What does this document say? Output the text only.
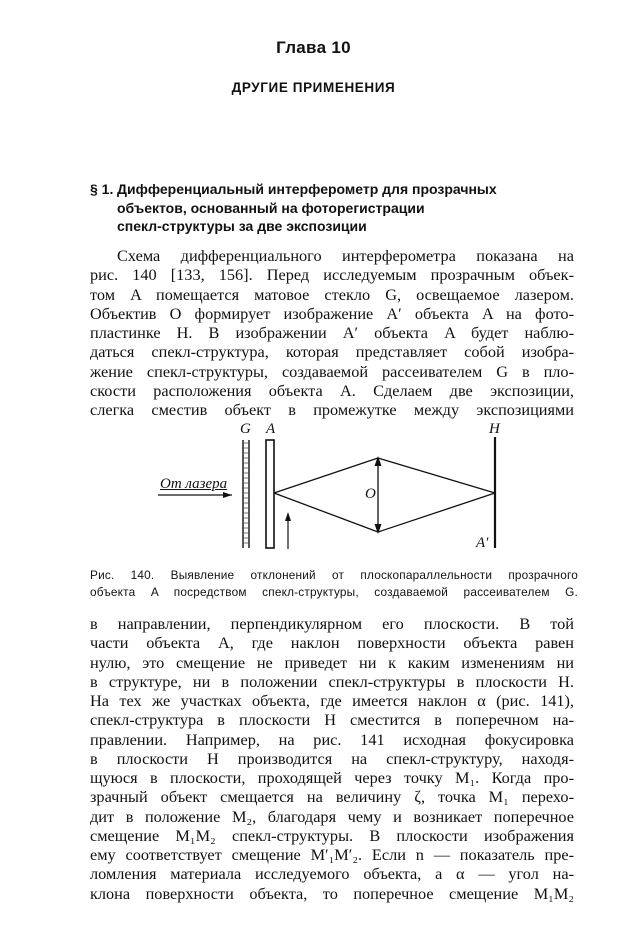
Глава 10
ДРУГИЕ ПРИМЕНЕНИЯ
§ 1. Дифференциальный интерферометр для прозрачных
объектов, основанный на фоторегистрации
спекл-структуры за две экспозиции
Схема дифференциального интерферометра показана на
рис. 140 [133, 156]. Перед исследуемым прозрачным объек-
том A помещается матовое стекло G, освещаемое лазером.
Объектив O формирует изображение A′ объекта A на фото-
пластинке H. В изображении A′ объекта A будет наблю-
даться спекл-структура, которая представляет собой изобра-
жение спекл-структуры, создаваемой рассеивателем G в пло-
скости расположения объекта A. Сделаем две экспозиции,
слегка сместив объект в промежутке между экспозициями
G A	H
O
A′
От лазера
Рис. 140. Выявление отклонений от плоскопараллельности прозрачного
объекта A посредством спекл-структуры, создаваемой рассеивателем G.
в направлении, перпендикулярном его плоскости. В той
части объекта A, где наклон поверхности объекта равен
нулю, это смещение не приведет ни к каким изменениям ни
в структуре, ни в положении спекл-структуры в плоскости H.
На тех же участках объекта, где имеется наклон α (рис. 141),
спекл-структура в плоскости H сместится в поперечном на-
правлении. Например, на рис. 141 исходная фокусировка
в плоскости H производится на спекл-структуру, находя-
щуюся в плоскости, проходящей через точку M₁. Когда про-
зрачный объект смещается на величину ζ, точка M₁ перехо-
дит в положение M₂, благодаря чему и возникает поперечное
смещение M₁M₂ спекл-структуры. В плоскости изображения
ему соответствует смещение M′₁M′₂. Если n — показатель пре-
ломления материала исследуемого объекта, а α — угол на-
клона поверхности объекта, то поперечное смещение M₁M₂
